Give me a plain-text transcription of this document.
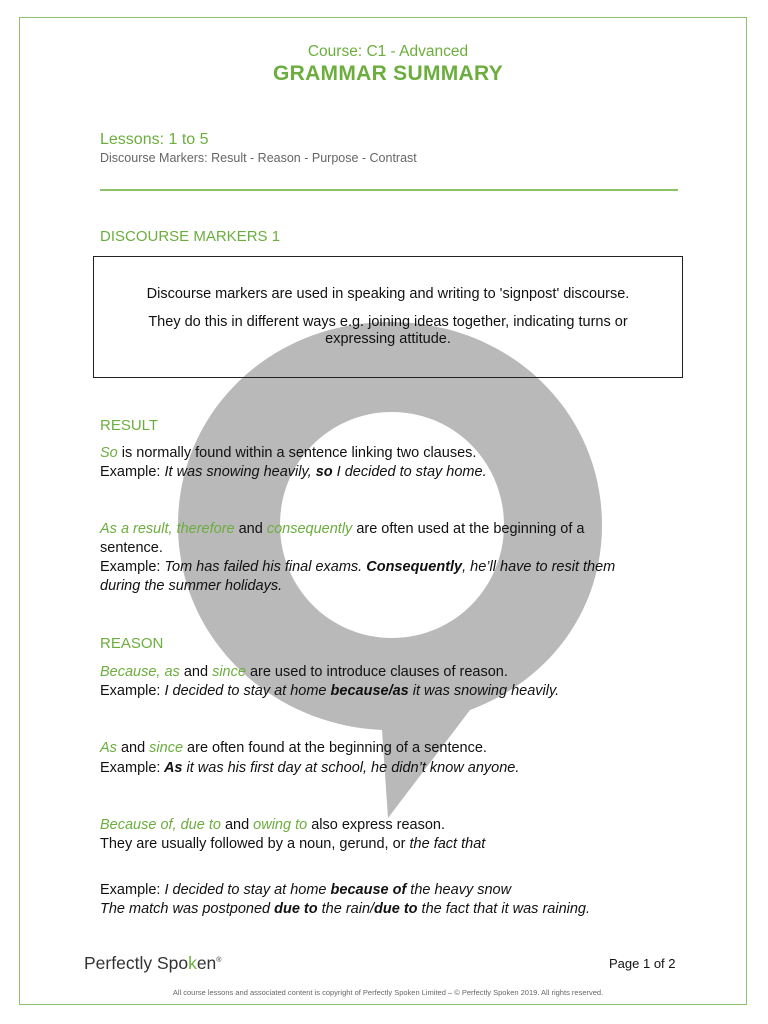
Course: C1 - Advanced
GRAMMAR SUMMARY
Lessons: 1 to 5
Discourse Markers: Result - Reason - Purpose - Contrast
DISCOURSE MARKERS 1

Discourse markers are used in speaking and writing to 'signpost' discourse.

They do this in different ways e.g. joining ideas together, indicating turns or expressing attitude.

RESULT
So is normally found within a sentence linking two clauses.
Example: It was snowing heavily, so I decided to stay home.
As a result, therefore and consequently are often used at the beginning of a
sentence.
Example: Tom has failed his final exams. Consequently, he’ll have to resit them
during the summer holidays.
REASON
Because, as and since are used to introduce clauses of reason.
Example: I decided to stay at home because/as it was snowing heavily.
As and since are often found at the beginning of a sentence.
Example: As it was his first day at school, he didn’t know anyone.
Because of, due to and owing to also express reason.
They are usually followed by a noun, gerund, or the fact that
Example: I decided to stay at home because of the heavy snow
The match was postponed due to the rain/due to the fact that it was raining.
Perfectly Spoken®	Page 1 of 2
All course lessons and associated content is copyright of Perfectly Spoken Limited – © Perfectly Spoken 2019. All rights reserved.
